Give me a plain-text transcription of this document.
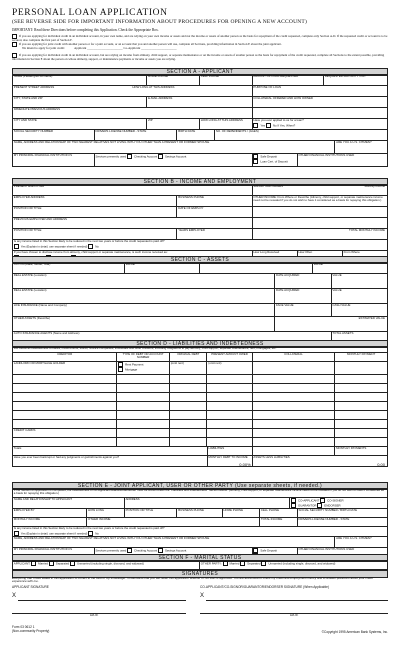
PERSONAL LOAN APPLICATION
(SEE REVERSE SIDE FOR IMPORTANT INFORMATION ABOUT PROCEDURES FOR OPENING A NEW ACCOUNT)
IMPORTANT: Read these Directions before completing this Application. Check the Appropriate Box.
If you are applying for individual credit in an individual account, in your own name, and are relying on your own income or assets and not the income or assets of another person as the basis for repayment of the credit requested, complete only Section A-D. If the requested credit or account is to be secured, also complete the first part of Section F.
If you are applying for joint credit with another person or for a joint account, or an account that you and another person will use, complete all Sections, providing information in Section E about the joint applicant.
We intend to apply for joint credit:	Applicant _______________________ Co-Applicant _______________________
If you are applying for individual credit in an individual account, but are relying on income from alimony, child support, or separate maintenance or on the income or assets of another person as the basis for repayment of the credit requested, complete all Sections to the extent possible, providing information in Section E about the person on whose alimony, support, or maintenance payments or income or assets you are relying.
SECTION A - APPLICANT
NAME (Please give full name)	HOME PHONE	CELL PHONE	AMOUNT OF LOAN REQUESTED	REQUESTED MATURITY / PAY
PRESENT STREET ADDRESS	HOW LONG AT THIS ADDRESS	PURPOSE OF LOAN
CITY, STATE AND ZIP	E-MAIL ADDRESS	COLLATERAL OFFERED AND HOW OWNED
IMMEDIATE PREVIOUS ADDRESS
CITY AND STATE	ZIP	HOW LONG AT THIS ADDRESS	Have you ever applied to us for a loan?
Yes	No If Yes, When?
SOCIAL SECURITY NUMBER	DRIVERS LICENSE NUMBER - STATE	BIRTH DATE	NO. OF DEPENDENTS / (AGES)
NAME, ADDRESS AND RELATIONSHIP OF TWO NEAREST RELATIVES NOT LIVING WITH YOU OTHER THAN A PRESENT OR FORMER SPOUSE	ARE YOU A U.S. CITIZEN?
MY PRINCIPAL FINANCIAL INSTITUTION IS	Services presently used	Checking Account	Savings Account	Safe Deposit
Loan Cert. of Deposit
OTHER FINANCIAL INSTITUTIONS USED
SECTION B - INCOME AND EMPLOYMENT
PRESENT EMPLOYER	SALARY AND WAGES	Monthly Income
EMPLOYER ADDRESS	BUSINESS PHONE	OTHER INCOME: From Where or Describe (Alimony, child support, or separate maintenance income need not be revealed if you do not wish to have it considered as a basis for repaying this obligation.)
POSITION OR TITLE	DATE OF EMPLOY
PREVIOUS EMPLOYER AND ADDRESS
POSITION OR TITLE	YEARS EMPLOYED	TOTAL MONTHLY INCOME
Is any income listed in this Section likely to be reduced in the next two years or before the credit requested is paid off?
Yes (Explain in detail, use separate sheet if needed)	No
If you have chosen to disclose income from alimony, child support or separate maintenance, is such income received as:
	How Long Received	How Often	From Where
SECTION C - ASSETS
AUTOS (Make, Model, Year)	VALUE	VALUE
REAL ESTATE (Location)	DATE ACQUIRED	VALUE
REAL ESTATE (Location)	DATE ACQUIRED	VALUE
LIFE INSURANCE (Name and Company)	FACE VALUE	CASH VALUE
OTHER ASSETS (Describe)	ESTIMATED VALUE
AUTO INSURANCE AGENTS (Name and Address)	TOTAL ASSETS
SECTION D - LIABILITIES AND INDEBTEDNESS
List below all indebtedness to banks, credit unions, stores, finance companies, individuals and other creditors, including obligations to pay alimony, child support, separate maintenance, rent, mortgages, etc.
CREDITOR	TYPE OF DEBT OR ACCOUNT NUMBER
ORIGINAL DEBT	PRESENT AMOUNT OWED	COLLATERAL	MONTHLY PAYMENT
LANDLORD OR MORTGAGE HOLDER	Rent Payment
Mortgage
(omit rent)	(omit rent)
CREDIT CARDS
Totals	LIABILITIES	MONTHLY PAYMENTS
Have you ever been bankrupt or had any judgments or garnishments against you?	MONTHLY DEBT TO INCOME

0.00%
ASSETS LESS LIABILITIES
0.00
SECTION E - JOINT APPLICANT, USER OR OTHER PARTY (Use separate sheets, if needed.)
If the Section of Application is completed, the indebtedness of Co-Applicant/Guarantor/Endorser must be shown under the "Liabilities and Indebtedness" Section above. (Alimony, child support, or separate maintenance income need not be revealed if you do not wish to have it considered as a basis for repaying this obligation.)
NAME AND RELATIONSHIP TO APPLICANT	ADDRESS	CO-APPLICANT	CO-SIGNER
GUARANTOR	ENDORSER
EMPLOYED BY	HOW LONG	POSITION OR TITLE	BUSINESS PHONE	HOME PHONE	CELL PHONE	SOCIAL SECURITY NUMBER / BIRTH DATE
MONTHLY INCOME	OTHER INCOME	TOTAL INCOME	DRIVERS LICENSE NUMBER - STATE
Is any income listed in this Section likely to be reduced in the next two years or before the credit requested is paid off?
Yes (Explain in detail, use separate sheet if needed)	No
NAME, ADDRESS AND RELATIONSHIP OF TWO NEAREST RELATIVES NOT LIVING WITH YOU OTHER THAN A PRESENT OR FORMER SPOUSE	ARE YOU A U.S. CITIZEN?
MY PRINCIPAL FINANCIAL INSTITUTION IS	Services presently used	Checking Account	Savings Account	Safe Deposit	OTHER FINANCIAL INSTITUTIONS USED
SECTION F - MARITAL STATUS
APPLICANT:	Married	Separated	Unmarried (including single, divorced, and widowed)	OTHER PARTY:	Married	Separated	Unmarried (including single, divorced, and widowed)
SIGNATURES
Everything that I have stated in this application is correct to the best of my knowledge. I understand that you will retain this application whether or not loan is approved. You are authorized to check my credit and employment history and to answer questions about your credit experience with me.
APPLICANT SIGNATURE	CO-APPLICANT/CO-SIGNOR/GUARANTOR/ENDORSER SIGNATURE (When Applicable)
X	X
DATE	DATE
Form 03 0612 1
(Non-community Property)	©Copyright 1995 American Bank Systems, Inc.
